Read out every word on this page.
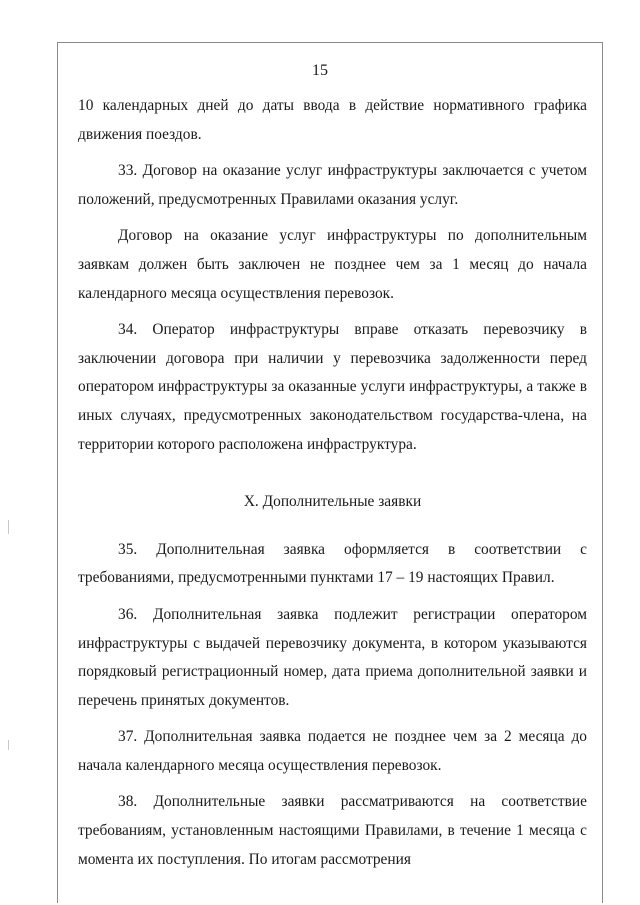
15

10 календарных дней до даты ввода в действие нормативного графика движения поездов.

33. Договор на оказание услуг инфраструктуры заключается с учетом положений, предусмотренных Правилами оказания услуг.

Договор на оказание услуг инфраструктуры по дополнительным заявкам должен быть заключен не позднее чем за 1 месяц до начала календарного месяца осуществления перевозок.

34. Оператор инфраструктуры вправе отказать перевозчику в заключении договора при наличии у перевозчика задолженности перед оператором инфраструктуры за оказанные услуги инфраструктуры, а также в иных случаях, предусмотренных законодательством государства-члена, на территории которого расположена инфраструктура.

X. Дополнительные заявки

35. Дополнительная заявка оформляется в соответствии с требованиями, предусмотренными пунктами 17 – 19 настоящих Правил.

36. Дополнительная заявка подлежит регистрации оператором инфраструктуры с выдачей перевозчику документа, в котором указываются порядковый регистрационный номер, дата приема дополнительной заявки и перечень принятых документов.

37. Дополнительная заявка подается не позднее чем за 2 месяца до начала календарного месяца осуществления перевозок.

38. Дополнительные заявки рассматриваются на соответствие требованиям, установленным настоящими Правилами, в течение 1 месяца с момента их поступления. По итогам рассмотрения
